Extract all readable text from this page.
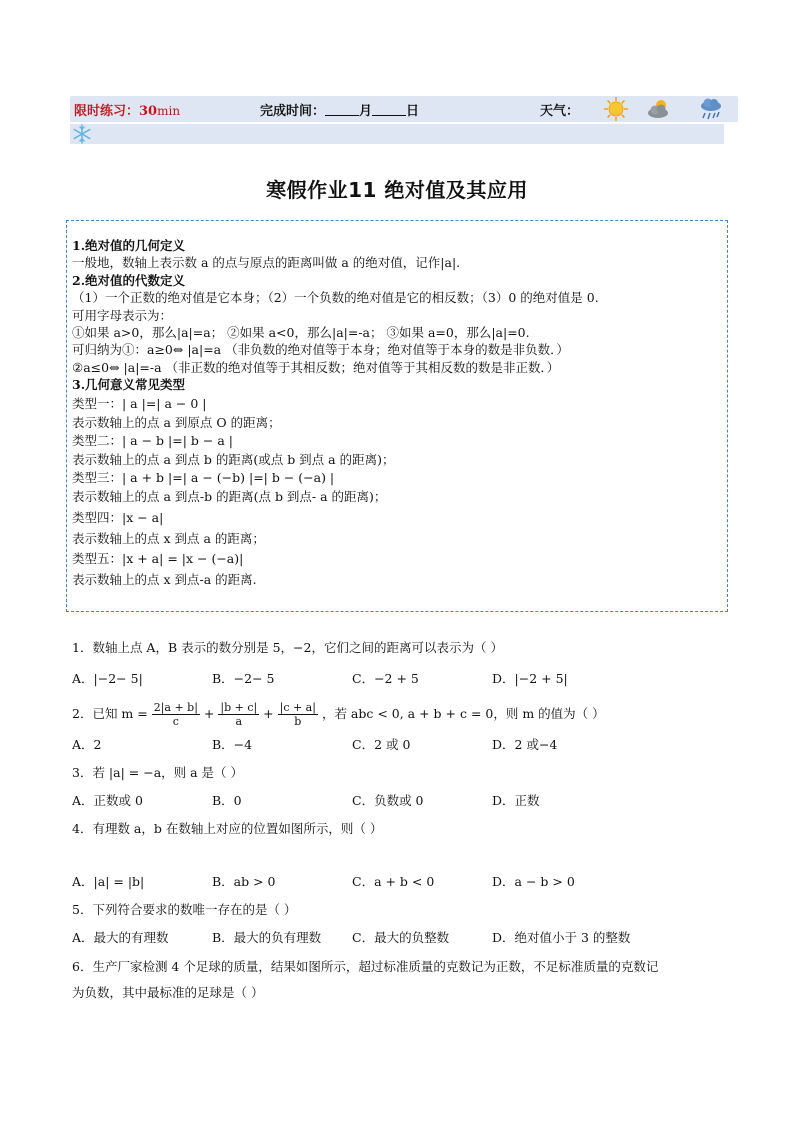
限时练习：30min	完成时间：	月	日	天气：
寒假作业11 绝对值及其应用
1.绝对值的几何定义
一般地，数轴上表示数 a 的点与原点的距离叫做 a 的绝对值，记作|a|.
2.绝对值的代数定义
（1）一个正数的绝对值是它本身；（2）一个负数的绝对值是它的相反数；（3）0 的绝对值是 0.
可用字母表示为：
①如果 a>0，那么|a|=a； ②如果 a<0，那么|a|=-a； ③如果 a=0，那么|a|=0.
可归纳为①：a≥0⇔ |a|=a （非负数的绝对值等于本身；绝对值等于本身的数是非负数．）
②a≤0⇔ |a|=-a （非正数的绝对值等于其相反数；绝对值等于其相反数的数是非正数．）
3.几何意义常见类型
类型一：| a |=| a − 0 |
表示数轴上的点 a 到原点 O 的距离；
类型二：| a − b |=| b − a |
表示数轴上的点 a 到点 b 的距离(或点 b 到点 a 的距离)；
类型三：| a + b |=| a − (−b) |=| b − (−a) |
表示数轴上的点 a 到点-b 的距离(点 b 到点- a 的距离)；
类型四：|x − a|
表示数轴上的点 x 到点 a 的距离；
类型五：|x + a| = |x − (−a)|
表示数轴上的点 x 到点-a 的距离.
1．数轴上点 A，B 表示的数分别是 5，−2，它们之间的距离可以表示为（ ）
A．|−2− 5|	B．−2− 5	C．−2 + 5	D．|−2 + 5|
2．已知 $m = \frac{2|a + b|}{c} + \frac{|b + c|}{a} + \frac{|c + a|}{b}$ ，若 abc < 0, a + b + c = 0，则 m 的值为（ ）
A．2	B．−4	C．2 或 0	D．2 或−4
3．若 |a| = −a，则 a 是（ ）
A．正数或 0	B．0	C．负数或 0	D．正数
4．有理数 a，b 在数轴上对应的位置如图所示，则（ ）
A．|a| = |b|	B．ab > 0	C．a + b < 0	D．a − b > 0
5．下列符合要求的数唯一存在的是（ ）
A．最大的有理数	B．最大的负有理数	C．最大的负整数	D．绝对值小于 3 的整数
6．生产厂家检测 4 个足球的质量，结果如图所示，超过标准质量的克数记为正数，不足标准质量的克数记
为负数，其中最标准的足球是（ ）
